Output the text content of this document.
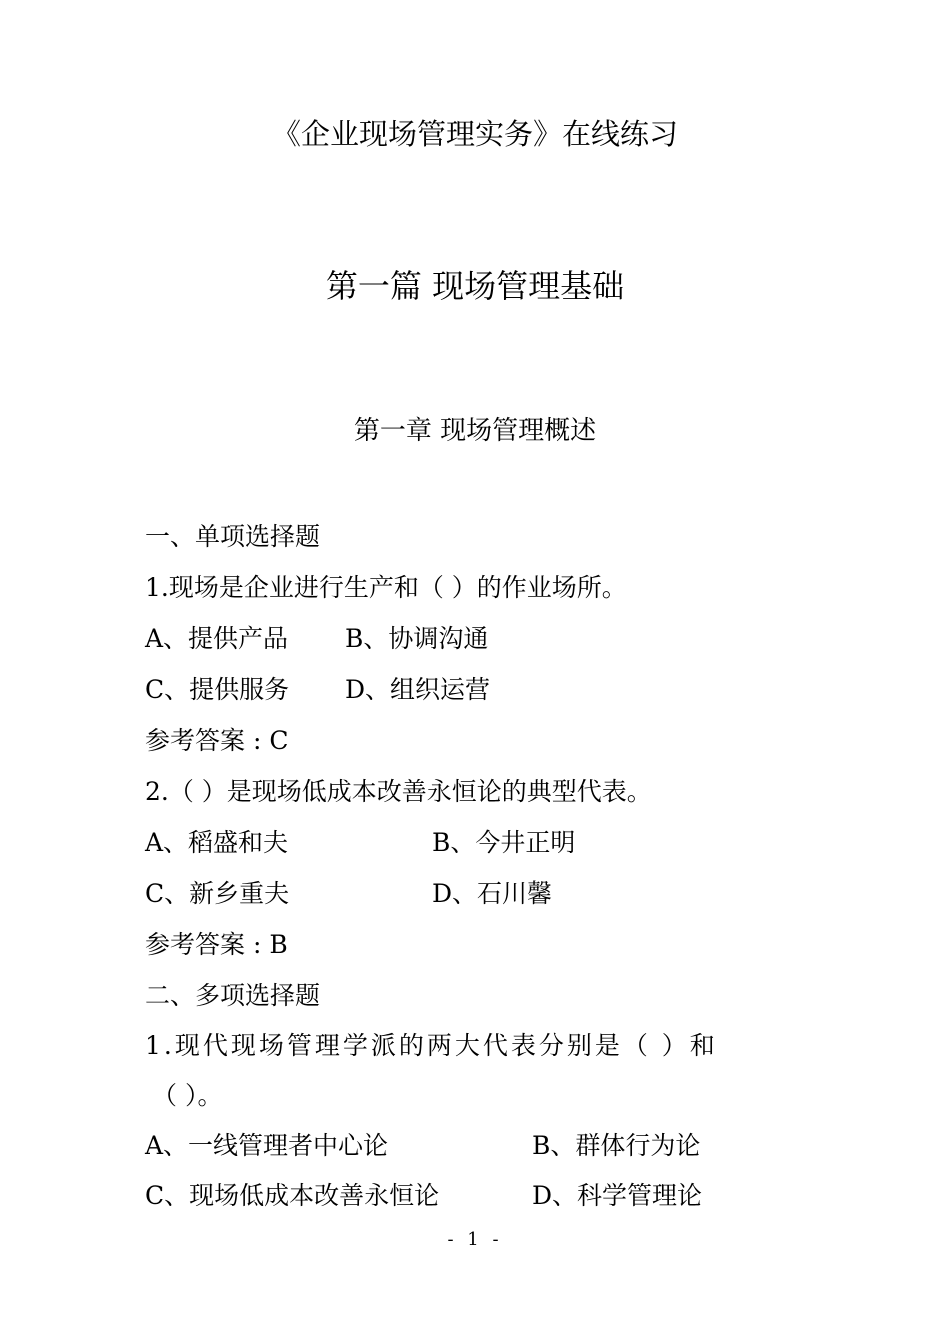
《企业现场管理实务》在线练习
第一篇 现场管理基础
第一章 现场管理概述
一、单项选择题
1.现场是企业进行生产和（ ）的作业场所。
A、提供产品 B、协调沟通
C、提供服务 D、组织运营
参考答案 : C
2.（ ）是现场低成本改善永恒论的典型代表。
A、稻盛和夫	B、今井正明
C、新乡重夫	D、石川馨
参考答案 : B
二、多项选择题
1.现代现场管理学派的两大代表分别是（ ）和
（ ）。
A、一线管理者中心论	B、群体行为论
C、现场低成本改善永恒论	D、科学管理论
- 1 -
